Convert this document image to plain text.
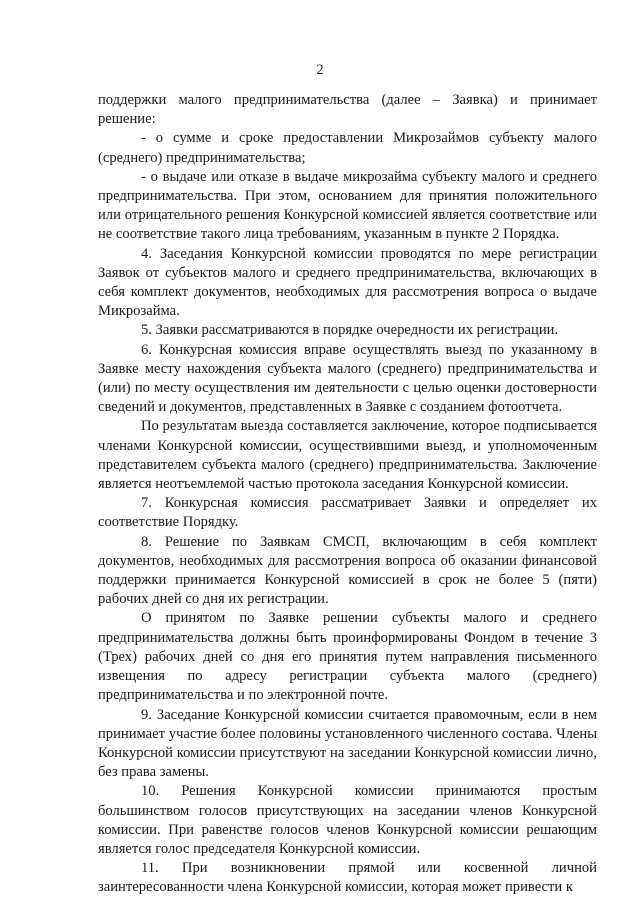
2

поддержки малого предпринимательства (далее – Заявка) и принимает решение:

- о сумме и сроке предоставлении Микрозаймов субъекту малого (среднего) предпринимательства;

- о выдаче или отказе в выдаче микрозайма субъекту малого и среднего предпринимательства. При этом, основанием для принятия положительного или отрицательного решения Конкурсной комиссией является соответствие или не соответствие такого лица требованиям, указанным в пункте 2 Порядка.

4. Заседания Конкурсной комиссии проводятся по мере регистрации Заявок от субъектов малого и среднего предпринимательства, включающих в себя комплект документов, необходимых для рассмотрения вопроса о выдаче Микрозайма.

5. Заявки рассматриваются в порядке очередности их регистрации.

6. Конкурсная комиссия вправе осуществлять выезд по указанному в Заявке месту нахождения субъекта малого (среднего) предпринимательства и (или) по месту осуществления им деятельности с целью оценки достоверности сведений и документов, представленных в Заявке с созданием фотоотчета.

По результатам выезда составляется заключение, которое подписывается членами Конкурсной комиссии, осуществившими выезд, и уполномоченным представителем субъекта малого (среднего) предпринимательства. Заключение является неотъемлемой частью протокола заседания Конкурсной комиссии.

7. Конкурсная комиссия рассматривает Заявки и определяет их соответствие Порядку.

8. Решение по Заявкам СМСП, включающим в себя комплект документов, необходимых для рассмотрения вопроса об оказании финансовой поддержки принимается Конкурсной комиссией в срок не более 5 (пяти) рабочих дней со дня их регистрации.

О принятом по Заявке решении субъекты малого и среднего предпринимательства должны быть проинформированы Фондом в течение 3 (Трех) рабочих дней со дня его принятия путем направления письменного извещения по адресу регистрации субъекта малого (среднего) предпринимательства и по электронной почте.

9. Заседание Конкурсной комиссии считается правомочным, если в нем принимает участие более половины установленного численного состава. Члены Конкурсной комиссии присутствуют на заседании Конкурсной комиссии лично, без права замены.

10. Решения Конкурсной комиссии принимаются простым большинством голосов присутствующих на заседании членов Конкурсной комиссии. При равенстве голосов членов Конкурсной комиссии решающим является голос председателя Конкурсной комиссии.

11. При возникновении прямой или косвенной личной заинтересованности члена Конкурсной комиссии, которая может привести к
